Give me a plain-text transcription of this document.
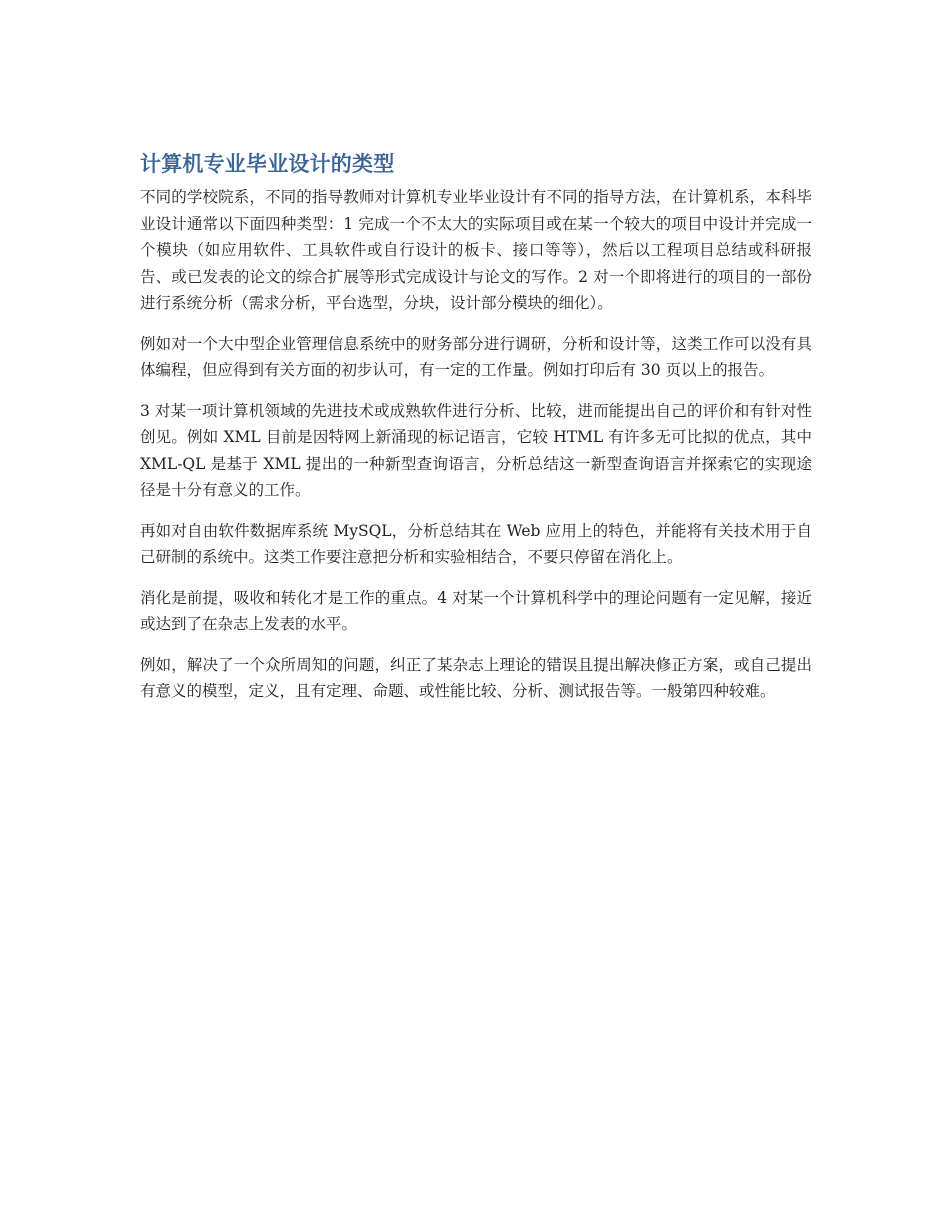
计算机专业毕业设计的类型

不同的学校院系，不同的指导教师对计算机专业毕业设计有不同的指导方法，在计算机系，本科毕业设计通常以下面四种类型：1 完成一个不太大的实际项目或在某一个较大的项目中设计并完成一个模块（如应用软件、工具软件或自行设计的板卡、接口等等），然后以工程项目总结或科研报告、或已发表的论文的综合扩展等形式完成设计与论文的写作。2 对一个即将进行的项目的一部份进行系统分析（需求分析，平台选型，分块，设计部分模块的细化）。

例如对一个大中型企业管理信息系统中的财务部分进行调研，分析和设计等，这类工作可以没有具体编程，但应得到有关方面的初步认可，有一定的工作量。例如打印后有 30 页以上的报告。

3 对某一项计算机领域的先进技术或成熟软件进行分析、比较，进而能提出自己的评价和有针对性创见。例如 XML 目前是因特网上新涌现的标记语言，它较 HTML 有许多无可比拟的优点，其中 XML-QL 是基于 XML 提出的一种新型查询语言，分析总结这一新型查询语言并探索它的实现途径是十分有意义的工作。

再如对自由软件数据库系统 MySQL，分析总结其在 Web 应用上的特色，并能将有关技术用于自己研制的系统中。这类工作要注意把分析和实验相结合，不要只停留在消化上。

消化是前提，吸收和转化才是工作的重点。4 对某一个计算机科学中的理论问题有一定见解，接近或达到了在杂志上发表的水平。

例如，解决了一个众所周知的问题，纠正了某杂志上理论的错误且提出解决修正方案，或自己提出有意义的模型，定义，且有定理、命题、或性能比较、分析、测试报告等。一般第四种较难。
